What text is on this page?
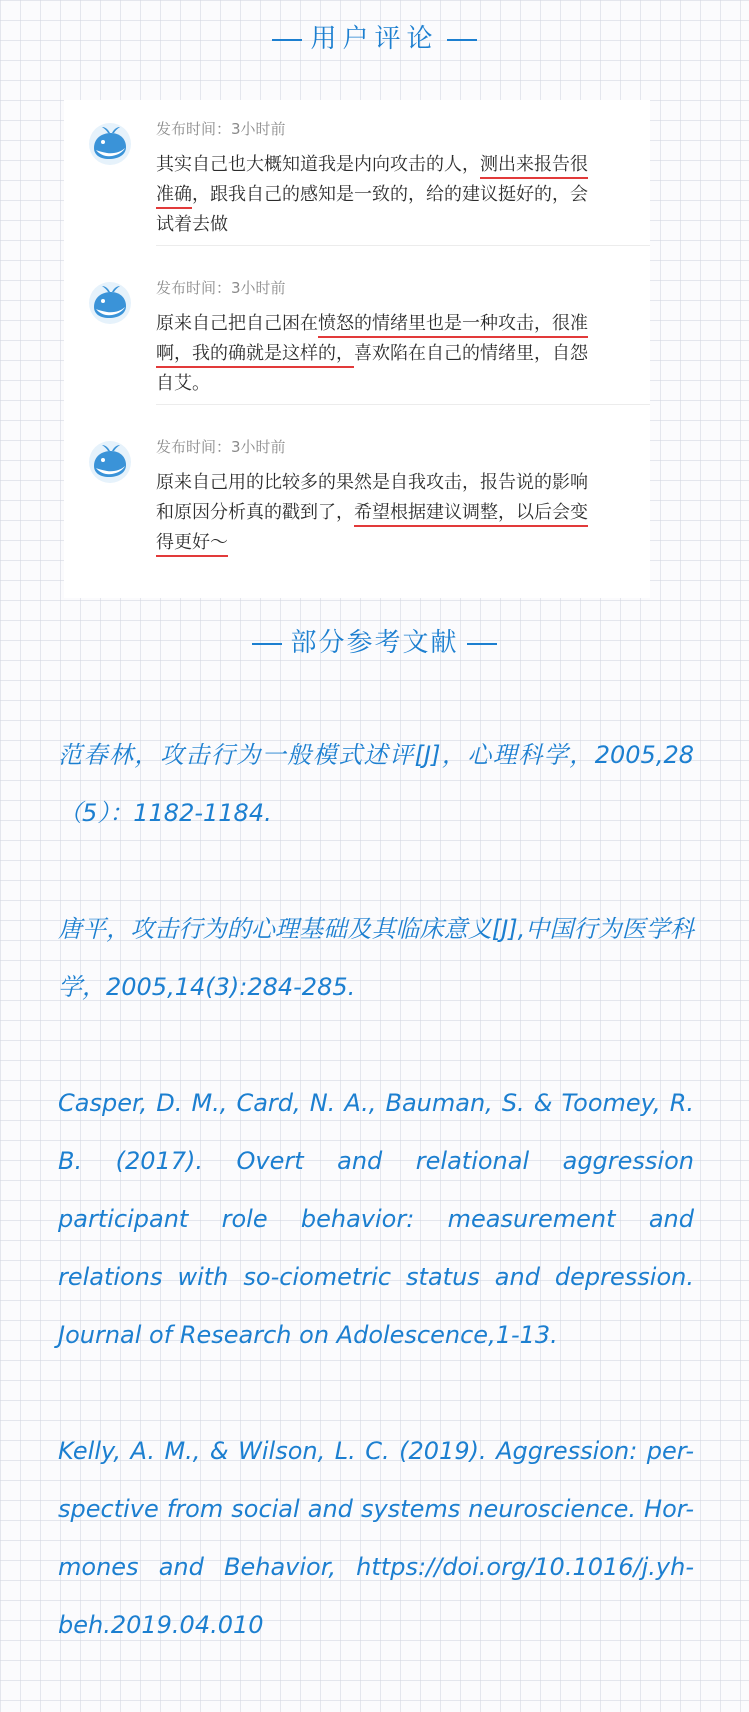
用户评论
发布时间：3小时前
其实自己也大概知道我是内向攻击的人，测出来报告很准确，跟我自己的感知是一致的，给的建议挺好的，会试着去做
发布时间：3小时前
原来自己把自己困在愤怒的情绪里也是一种攻击，很准啊，我的确就是这样的，喜欢陷在自己的情绪里，自怨自艾。
发布时间：3小时前
原来自己用的比较多的果然是自我攻击，报告说的影响和原因分析真的戳到了，希望根据建议调整，以后会变得更好～
部分参考文献

范春林，攻击行为一般模式述评[J]，心理科学，2005,28（5）：1182-1184.

唐平，攻击行为的心理基础及其临床意义[J],中国行为医学科学，2005,14(3):284-285.

Casper, D. M., Card, N. A., Bauman, S. & Toomey, R. B. (2017). Overt and relational aggression participant role behavior: measurement and relations with so-ciometric status and depression. Journal of Research on Adolescence,1-13.

Kelly, A. M., & Wilson, L. C. (2019). Aggression: per-spective from social and systems neuroscience. Hor-mones and Behavior, https://doi.org/10.1016/j.yh-beh.2019.04.010
